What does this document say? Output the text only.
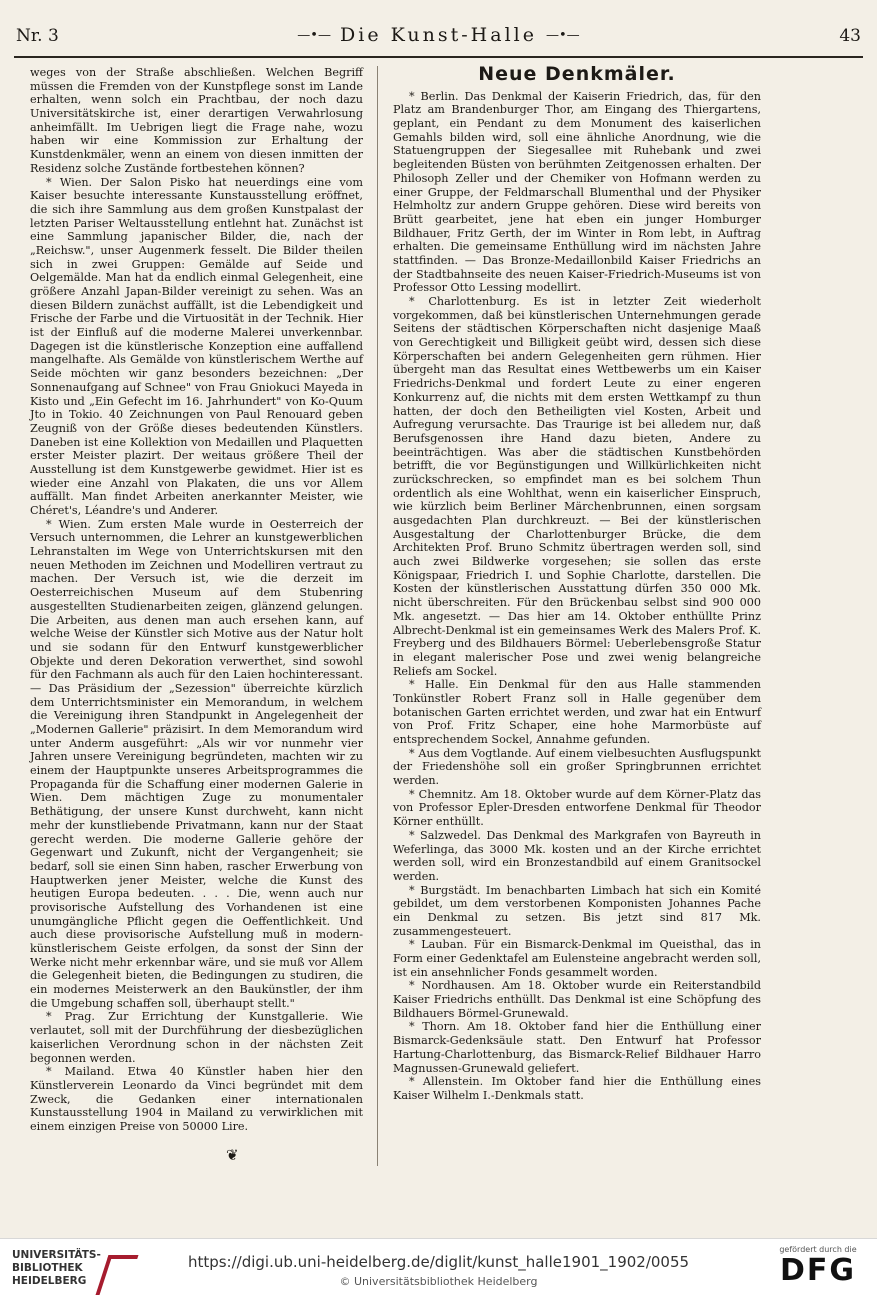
Nr. 3	—•— Die Kunst-Halle —•—	43

weges von der Straße abschließen. Welchen Begriff müssen die Fremden von der Kunstpflege sonst im Lande erhalten, wenn solch ein Prachtbau, der noch dazu Universitätskirche ist, einer derartigen Verwahrlosung anheimfällt. Im Uebrigen liegt die Frage nahe, wozu haben wir eine Kommission zur Erhaltung der Kunstdenkmäler, wenn an einem von diesen inmitten der Residenz solche Zustände fortbestehen können?

* Wien. Der Salon Pisko hat neuerdings eine vom Kaiser besuchte interessante Kunstausstellung eröffnet, die sich ihre Sammlung aus dem großen Kunstpalast der letzten Pariser Weltausstellung entlehnt hat. Zunächst ist eine Sammlung japanischer Bilder, die, nach der „Reichsw.", unser Augenmerk fesselt. Die Bilder theilen sich in zwei Gruppen: Gemälde auf Seide und Oelgemälde. Man hat da endlich einmal Gelegenheit, eine größere Anzahl Japan-Bilder vereinigt zu sehen. Was an diesen Bildern zunächst auffällt, ist die Lebendigkeit und Frische der Farbe und die Virtuosität in der Technik. Hier ist der Einfluß auf die moderne Malerei unverkennbar. Dagegen ist die künstlerische Konzeption eine auffallend mangelhafte. Als Gemälde von künstlerischem Werthe auf Seide möchten wir ganz besonders bezeichnen: „Der Sonnenaufgang auf Schnee" von Frau Gniokuci Mayeda in Kisto und „Ein Gefecht im 16. Jahrhundert" von Ko-Quum Jto in Tokio. 40 Zeichnungen von Paul Renouard geben Zeugniß von der Größe dieses bedeutenden Künstlers. Daneben ist eine Kollektion von Medaillen und Plaquetten erster Meister plazirt. Der weitaus größere Theil der Ausstellung ist dem Kunstgewerbe gewidmet. Hier ist es wieder eine Anzahl von Plakaten, die uns vor Allem auffällt. Man findet Arbeiten anerkannter Meister, wie Chéret's, Léandre's und Anderer.

* Wien. Zum ersten Male wurde in Oesterreich der Versuch unternommen, die Lehrer an kunstgewerblichen Lehranstalten im Wege von Unterrichtskursen mit den neuen Methoden im Zeichnen und Modelliren vertraut zu machen. Der Versuch ist, wie die derzeit im Oesterreichischen Museum auf dem Stubenring ausgestellten Studienarbeiten zeigen, glänzend gelungen. Die Arbeiten, aus denen man auch ersehen kann, auf welche Weise der Künstler sich Motive aus der Natur holt und sie sodann für den Entwurf kunstgewerblicher Objekte und deren Dekoration verwerthet, sind sowohl für den Fachmann als auch für den Laien hochinteressant. — Das Präsidium der „Sezession" überreichte kürzlich dem Unterrichtsminister ein Memorandum, in welchem die Vereinigung ihren Standpunkt in Angelegenheit der „Modernen Gallerie" präzisirt. In dem Memorandum wird unter Anderm ausgeführt: „Als wir vor nunmehr vier Jahren unsere Vereinigung begründeten, machten wir zu einem der Hauptpunkte unseres Arbeitsprogrammes die Propaganda für die Schaffung einer modernen Galerie in Wien. Dem mächtigen Zuge zu monumentaler Bethätigung, der unsere Kunst durchweht, kann nicht mehr der kunstliebende Privatmann, kann nur der Staat gerecht werden. Die moderne Gallerie gehöre der Gegenwart und Zukunft, nicht der Vergangenheit; sie bedarf, soll sie einen Sinn haben, rascher Erwerbung von Hauptwerken jener Meister, welche die Kunst des heutigen Europa bedeuten. . . . Die, wenn auch nur provisorische Aufstellung des Vorhandenen ist eine unumgängliche Pflicht gegen die Oeffentlichkeit. Und auch diese provisorische Aufstellung muß in modern-künstlerischem Geiste erfolgen, da sonst der Sinn der Werke nicht mehr erkennbar wäre, und sie muß vor Allem die Gelegenheit bieten, die Bedingungen zu studiren, die ein modernes Meisterwerk an den Baukünstler, der ihm die Umgebung schaffen soll, überhaupt stellt."

* Prag. Zur Errichtung der Kunstgallerie. Wie verlautet, soll mit der Durchführung der diesbezüglichen kaiserlichen Verordnung schon in der nächsten Zeit begonnen werden.

* Mailand. Etwa 40 Künstler haben hier den Künstlerverein Leonardo da Vinci begründet mit dem Zweck, die Gedanken einer internationalen Kunstausstellung 1904 in Mailand zu verwirklichen mit einem einzigen Preise von 50000 Lire.

❦
Neue Denkmäler.

* Berlin. Das Denkmal der Kaiserin Friedrich, das, für den Platz am Brandenburger Thor, am Eingang des Thiergartens, geplant, ein Pendant zu dem Monument des kaiserlichen Gemahls bilden wird, soll eine ähnliche Anordnung, wie die Statuengruppen der Siegesallee mit Ruhebank und zwei begleitenden Büsten von berühmten Zeitgenossen erhalten. Der Philosoph Zeller und der Chemiker von Hofmann werden zu einer Gruppe, der Feldmarschall Blumenthal und der Physiker Helmholtz zur andern Gruppe gehören. Diese wird bereits von Brütt gearbeitet, jene hat eben ein junger Homburger Bildhauer, Fritz Gerth, der im Winter in Rom lebt, in Auftrag erhalten. Die gemeinsame Enthüllung wird im nächsten Jahre stattfinden. — Das Bronze-Medaillonbild Kaiser Friedrichs an der Stadtbahnseite des neuen Kaiser-Friedrich-Museums ist von Professor Otto Lessing modellirt.

* Charlottenburg. Es ist in letzter Zeit wiederholt vorgekommen, daß bei künstlerischen Unternehmungen gerade Seitens der städtischen Körperschaften nicht dasjenige Maaß von Gerechtigkeit und Billigkeit geübt wird, dessen sich diese Körperschaften bei andern Gelegenheiten gern rühmen. Hier übergeht man das Resultat eines Wettbewerbs um ein Kaiser Friedrichs-Denkmal und fordert Leute zu einer engeren Konkurrenz auf, die nichts mit dem ersten Wettkampf zu thun hatten, der doch den Betheiligten viel Kosten, Arbeit und Aufregung verursachte. Das Traurige ist bei alledem nur, daß Berufsgenossen ihre Hand dazu bieten, Andere zu beeinträchtigen. Was aber die städtischen Kunstbehörden betrifft, die vor Begünstigungen und Willkürlichkeiten nicht zurückschrecken, so empfindet man es bei solchem Thun ordentlich als eine Wohlthat, wenn ein kaiserlicher Einspruch, wie kürzlich beim Berliner Märchenbrunnen, einen sorgsam ausgedachten Plan durchkreuzt. — Bei der künstlerischen Ausgestaltung der Charlottenburger Brücke, die dem Architekten Prof. Bruno Schmitz übertragen werden soll, sind auch zwei Bildwerke vorgesehen; sie sollen das erste Königspaar, Friedrich I. und Sophie Charlotte, darstellen. Die Kosten der künstlerischen Ausstattung dürfen 350 000 Mk. nicht überschreiten. Für den Brückenbau selbst sind 900 000 Mk. angesetzt. — Das hier am 14. Oktober enthüllte Prinz Albrecht-Denkmal ist ein gemeinsames Werk des Malers Prof. K. Freyberg und des Bildhauers Börmel: Ueberlebensgroße Statur in elegant malerischer Pose und zwei wenig belangreiche Reliefs am Sockel.

* Halle. Ein Denkmal für den aus Halle stammenden Tonkünstler Robert Franz soll in Halle gegenüber dem botanischen Garten errichtet werden, und zwar hat ein Entwurf von Prof. Fritz Schaper, eine hohe Marmorbüste auf entsprechendem Sockel, Annahme gefunden.

* Aus dem Vogtlande. Auf einem vielbesuchten Ausflugspunkt der Friedenshöhe soll ein großer Springbrunnen errichtet werden.

* Chemnitz. Am 18. Oktober wurde auf dem Körner-Platz das von Professor Epler-Dresden entworfene Denkmal für Theodor Körner enthüllt.

* Salzwedel. Das Denkmal des Markgrafen von Bayreuth in Weferlinga, das 3000 Mk. kosten und an der Kirche errichtet werden soll, wird ein Bronzestandbild auf einem Granitsockel werden.

* Burgstädt. Im benachbarten Limbach hat sich ein Komité gebildet, um dem verstorbenen Komponisten Johannes Pache ein Denkmal zu setzen. Bis jetzt sind 817 Mk. zusammengesteuert.

* Lauban. Für ein Bismarck-Denkmal im Queisthal, das in Form einer Gedenktafel am Eulensteine angebracht werden soll, ist ein ansehnlicher Fonds gesammelt worden.

* Nordhausen. Am 18. Oktober wurde ein Reiterstandbild Kaiser Friedrichs enthüllt. Das Denkmal ist eine Schöpfung des Bildhauers Börmel-Grunewald.

* Thorn. Am 18. Oktober fand hier die Enthüllung einer Bismarck-Gedenksäule statt. Den Entwurf hat Professor Hartung-Charlottenburg, das Bismarck-Relief Bildhauer Harro Magnussen-Grunewald geliefert.

* Allenstein. Im Oktober fand hier die Enthüllung eines Kaiser Wilhelm I.-Denkmals statt.

UNIVERSITÄTS-
BIBLIOTHEK
HEIDELBERG
https://digi.ub.uni-heidelberg.de/diglit/kunst_halle1901_1902/0055
© Universitätsbibliothek Heidelberg
gefördert durch die
DFG
